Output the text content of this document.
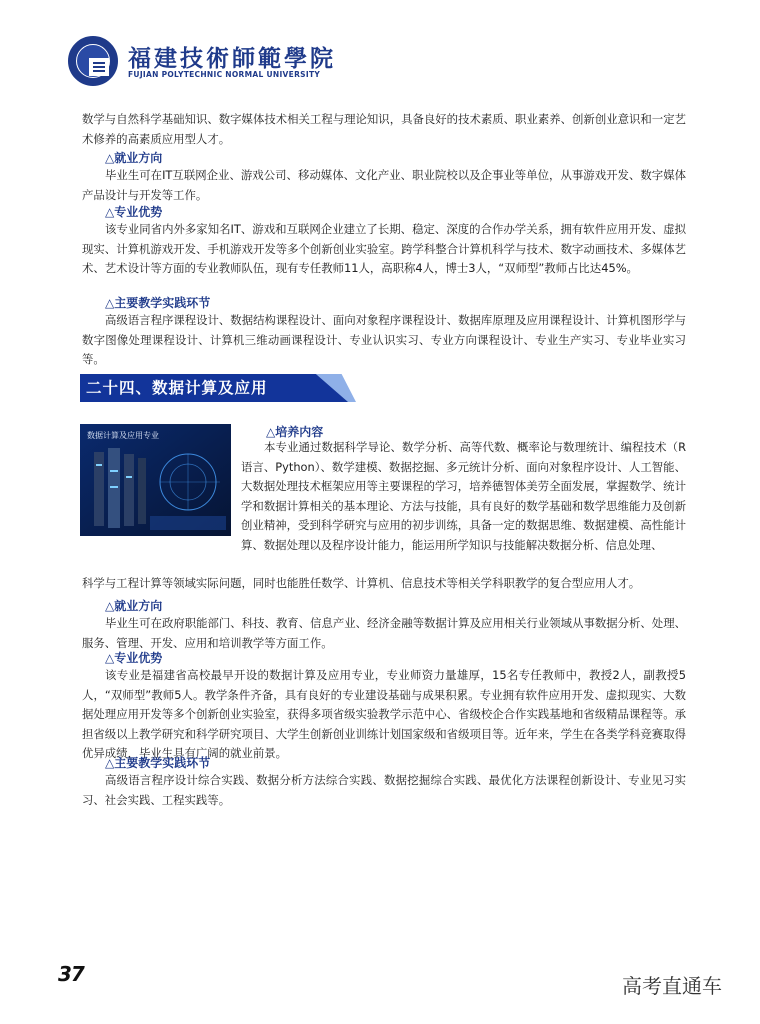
福建技術師範學院
FUJIAN POLYTECHNIC NORMAL UNIVERSITY

数学与自然科学基础知识、数字媒体技术相关工程与理论知识，具备良好的技术素质、职业素养、创新创业意识和一定艺术修养的高素质应用型人才。

△就业方向

毕业生可在IT互联网企业、游戏公司、移动媒体、文化产业、职业院校以及企事业等单位，从事游戏开发、数字媒体产品设计与开发等工作。

△专业优势

该专业同省内外多家知名IT、游戏和互联网企业建立了长期、稳定、深度的合作办学关系，拥有软件应用开发、虚拟现实、计算机游戏开发、手机游戏开发等多个创新创业实验室。跨学科整合计算机科学与技术、数字动画技术、多媒体艺术、艺术设计等方面的专业教师队伍，现有专任教师11人，高职称4人，博士3人，“双师型”教师占比达45%。

△主要教学实践环节

高级语言程序课程设计、数据结构课程设计、面向对象程序课程设计、数据库原理及应用课程设计、计算机图形学与数字图像处理课程设计、计算机三维动画课程设计、专业认识实习、专业方向课程设计、专业生产实习、专业毕业实习等。

二十四、数据计算及应用
数据计算及应用专业	△培养内容

本专业通过数据科学导论、数学分析、高等代数、概率论与数理统计、编程技术（R语言、Python）、数学建模、数据挖掘、多元统计分析、面向对象程序设计、人工智能、大数据处理技术框架应用等主要课程的学习，培养德智体美劳全面发展，掌握数学、统计学和数据计算相关的基本理论、方法与技能，具有良好的数学基础和数学思维能力及创新创业精神，受到科学研究与应用的初步训练，具备一定的数据思维、数据建模、高性能计算、数据处理以及程序设计能力，能运用所学知识与技能解决数据分析、信息处理、

科学与工程计算等领域实际问题，同时也能胜任数学、计算机、信息技术等相关学科职教学的复合型应用人才。

△就业方向

毕业生可在政府职能部门、科技、教育、信息产业、经济金融等数据计算及应用相关行业领域从事数据分析、处理、服务、管理、开发、应用和培训教学等方面工作。

△专业优势

该专业是福建省高校最早开设的数据计算及应用专业，专业师资力量雄厚，15名专任教师中，教授2人，副教授5人，“双师型”教师5人。教学条件齐备，具有良好的专业建设基础与成果积累。专业拥有软件应用开发、虚拟现实、大数据处理应用开发等多个创新创业实验室，获得多项省级实验教学示范中心、省级校企合作实践基地和省级精品课程等。承担省级以上教学研究和科学研究项目、大学生创新创业训练计划国家级和省级项目等。近年来，学生在各类学科竞赛取得优异成绩，毕业生具有广阔的就业前景。

△主要教学实践环节

高级语言程序设计综合实践、数据分析方法综合实践、数据挖掘综合实践、最优化方法课程创新设计、专业见习实习、社会实践、工程实践等。

37	高考直通车
